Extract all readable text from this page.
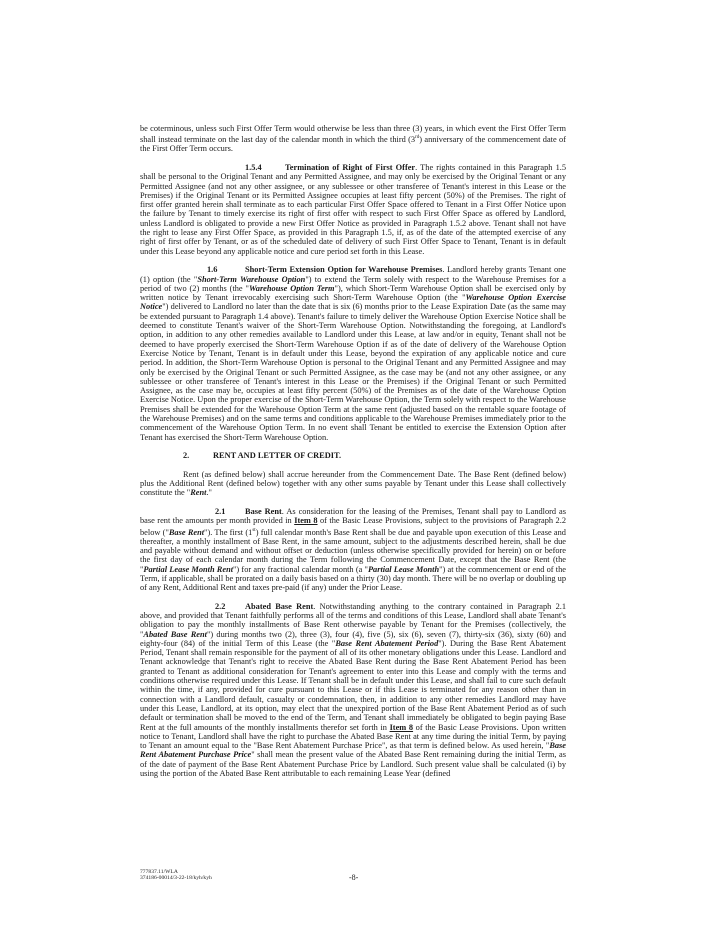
be coterminous, unless such First Offer Term would otherwise be less than three (3) years, in which event the First Offer Term shall instead terminate on the last day of the calendar month in which the third (3rd) anniversary of the commencement date of the First Offer Term occurs.

1.5.4	Termination of Right of First Offer. The rights contained in this Paragraph 1.5 shall be personal to the Original Tenant and any Permitted Assignee, and may only be exercised by the Original Tenant or any Permitted Assignee (and not any other assignee, or any sublessee or other transferee of Tenant's interest in this Lease or the Premises) if the Original Tenant or its Permitted Assignee occupies at least fifty percent (50%) of the Premises. The right of first offer granted herein shall terminate as to each particular First Offer Space offered to Tenant in a First Offer Notice upon the failure by Tenant to timely exercise its right of first offer with respect to such First Offer Space as offered by Landlord, unless Landlord is obligated to provide a new First Offer Notice as provided in Paragraph 1.5.2 above. Tenant shall not have the right to lease any First Offer Space, as provided in this Paragraph 1.5, if, as of the date of the attempted exercise of any right of first offer by Tenant, or as of the scheduled date of delivery of such First Offer Space to Tenant, Tenant is in default under this Lease beyond any applicable notice and cure period set forth in this Lease.

1.6	Short-Term Extension Option for Warehouse Premises. Landlord hereby grants Tenant one (1) option (the "Short-Term Warehouse Option") to extend the Term solely with respect to the Warehouse Premises for a period of two (2) months (the "Warehouse Option Term"), which Short-Term Warehouse Option shall be exercised only by written notice by Tenant irrevocably exercising such Short-Term Warehouse Option (the "Warehouse Option Exercise Notice") delivered to Landlord no later than the date that is six (6) months prior to the Lease Expiration Date (as the same may be extended pursuant to Paragraph 1.4 above). Tenant's failure to timely deliver the Warehouse Option Exercise Notice shall be deemed to constitute Tenant's waiver of the Short-Term Warehouse Option. Notwithstanding the foregoing, at Landlord's option, in addition to any other remedies available to Landlord under this Lease, at law and/or in equity, Tenant shall not be deemed to have properly exercised the Short-Term Warehouse Option if as of the date of delivery of the Warehouse Option Exercise Notice by Tenant, Tenant is in default under this Lease, beyond the expiration of any applicable notice and cure period. In addition, the Short-Term Warehouse Option is personal to the Original Tenant and any Permitted Assignee and may only be exercised by the Original Tenant or such Permitted Assignee, as the case may be (and not any other assignee, or any sublessee or other transferee of Tenant's interest in this Lease or the Premises) if the Original Tenant or such Permitted Assignee, as the case may be, occupies at least fifty percent (50%) of the Premises as of the date of the Warehouse Option Exercise Notice. Upon the proper exercise of the Short-Term Warehouse Option, the Term solely with respect to the Warehouse Premises shall be extended for the Warehouse Option Term at the same rent (adjusted based on the rentable square footage of the Warehouse Premises) and on the same terms and conditions applicable to the Warehouse Premises immediately prior to the commencement of the Warehouse Option Term. In no event shall Tenant be entitled to exercise the Extension Option after Tenant has exercised the Short-Term Warehouse Option.

2.	RENT AND LETTER OF CREDIT.

Rent (as defined below) shall accrue hereunder from the Commencement Date. The Base Rent (defined below) plus the Additional Rent (defined below) together with any other sums payable by Tenant under this Lease shall collectively constitute the "Rent."

2.1 Base Rent. As consideration for the leasing of the Premises, Tenant shall pay to Landlord as base rent the amounts per month provided in Item 8 of the Basic Lease Provisions, subject to the provisions of Paragraph 2.2 below ("Base Rent"). The first (1st) full calendar month's Base Rent shall be due and payable upon execution of this Lease and thereafter, a monthly installment of Base Rent, in the same amount, subject to the adjustments described herein, shall be due and payable without demand and without offset or deduction (unless otherwise specifically provided for herein) on or before the first day of each calendar month during the Term following the Commencement Date, except that the Base Rent (the "Partial Lease Month Rent") for any fractional calendar month (a "Partial Lease Month") at the commencement or end of the Term, if applicable, shall be prorated on a daily basis based on a thirty (30) day month. There will be no overlap or doubling up of any Rent, Additional Rent and taxes pre-paid (if any) under the Prior Lease.

2.2 Abated Base Rent. Notwithstanding anything to the contrary contained in Paragraph 2.1 above, and provided that Tenant faithfully performs all of the terms and conditions of this Lease, Landlord shall abate Tenant's obligation to pay the monthly installments of Base Rent otherwise payable by Tenant for the Premises (collectively, the "Abated Base Rent") during months two (2), three (3), four (4), five (5), six (6), seven (7), thirty-six (36), sixty (60) and eighty-four (84) of the initial Term of this Lease (the "Base Rent Abatement Period"). During the Base Rent Abatement Period, Tenant shall remain responsible for the payment of all of its other monetary obligations under this Lease. Landlord and Tenant acknowledge that Tenant's right to receive the Abated Base Rent during the Base Rent Abatement Period has been granted to Tenant as additional consideration for Tenant's agreement to enter into this Lease and comply with the terms and conditions otherwise required under this Lease. If Tenant shall be in default under this Lease, and shall fail to cure such default within the time, if any, provided for cure pursuant to this Lease or if this Lease is terminated for any reason other than in connection with a Landlord default, casualty or condemnation, then, in addition to any other remedies Landlord may have under this Lease, Landlord, at its option, may elect that the unexpired portion of the Base Rent Abatement Period as of such default or termination shall be moved to the end of the Term, and Tenant shall immediately be obligated to begin paying Base Rent at the full amounts of the monthly installments therefor set forth in Item 8 of the Basic Lease Provisions. Upon written notice to Tenant, Landlord shall have the right to purchase the Abated Base Rent at any time during the initial Term, by paying to Tenant an amount equal to the "Base Rent Abatement Purchase Price", as that term is defined below. As used herein, "Base Rent Abatement Purchase Price" shall mean the present value of the Abated Base Rent remaining during the initial Term, as of the date of payment of the Base Rent Abatement Purchase Price by Landlord. Such present value shall be calculated (i) by using the portion of the Abated Base Rent attributable to each remaining Lease Year (defined

777837.11/WLA
374186-00014/3-22-18/kyh/kyh	-8-
